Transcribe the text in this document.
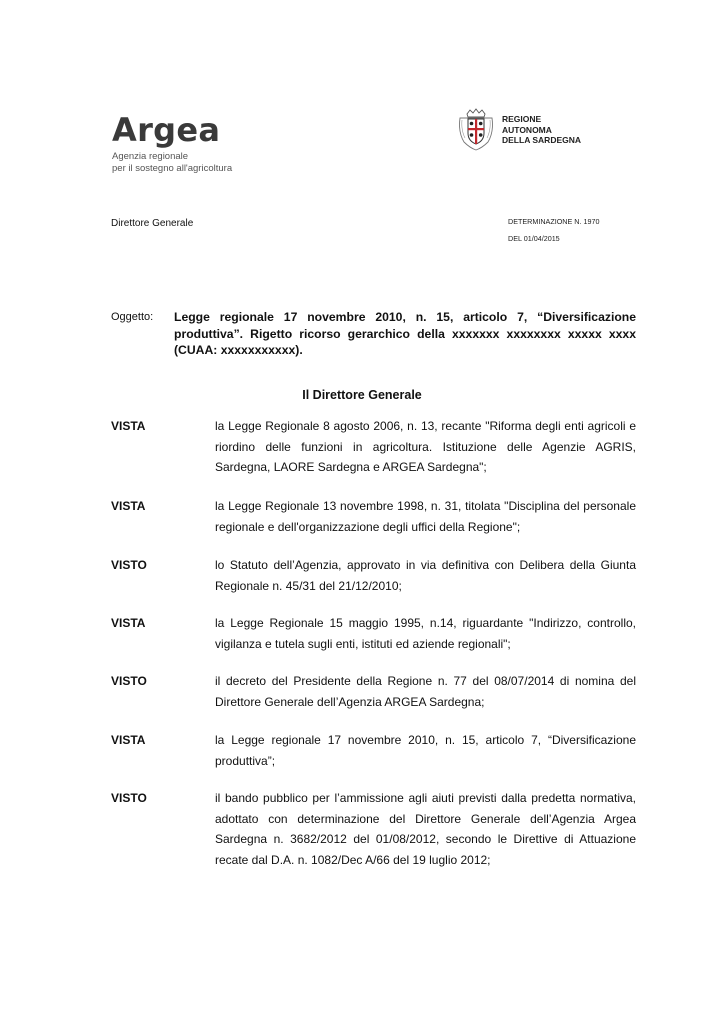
Argea
Agenzia regionale
per il sostegno all'agricoltura
REGIONE
AUTONOMA
DELLA SARDEGNA
Direttore Generale	DETERMINAZIONE N. 1970
DEL 01/04/2015
Oggetto: Legge regionale 17 novembre 2010, n. 15, articolo 7, “Diversificazione produttiva”. Rigetto ricorso gerarchico della xxxxxxx xxxxxxxx xxxxx xxxx (CUAA: xxxxxxxxxxx).
Il Direttore Generale
VISTA	la Legge Regionale 8 agosto 2006, n. 13, recante "Riforma degli enti agricoli e riordino delle funzioni in agricoltura. Istituzione delle Agenzie AGRIS, Sardegna, LAORE Sardegna e ARGEA Sardegna";
VISTA	la Legge Regionale 13 novembre 1998, n. 31, titolata "Disciplina del personale regionale e dell'organizzazione degli uffici della Regione";
VISTO	lo Statuto dell’Agenzia, approvato in via definitiva con Delibera della Giunta Regionale n. 45/31 del 21/12/2010;
VISTA	la Legge Regionale 15 maggio 1995, n.14, riguardante "Indirizzo, controllo, vigilanza e tutela sugli enti, istituti ed aziende regionali";
VISTO	il decreto del Presidente della Regione n. 77 del 08/07/2014 di nomina del Direttore Generale dell’Agenzia ARGEA Sardegna;
VISTA	la Legge regionale 17 novembre 2010, n. 15, articolo 7, “Diversificazione produttiva”;
VISTO	il bando pubblico per l’ammissione agli aiuti previsti dalla predetta normativa, adottato con determinazione del Direttore Generale dell’Agenzia Argea Sardegna n. 3682/2012 del 01/08/2012, secondo le Direttive di Attuazione recate dal D.A. n. 1082/Dec A/66 del 19 luglio 2012;
